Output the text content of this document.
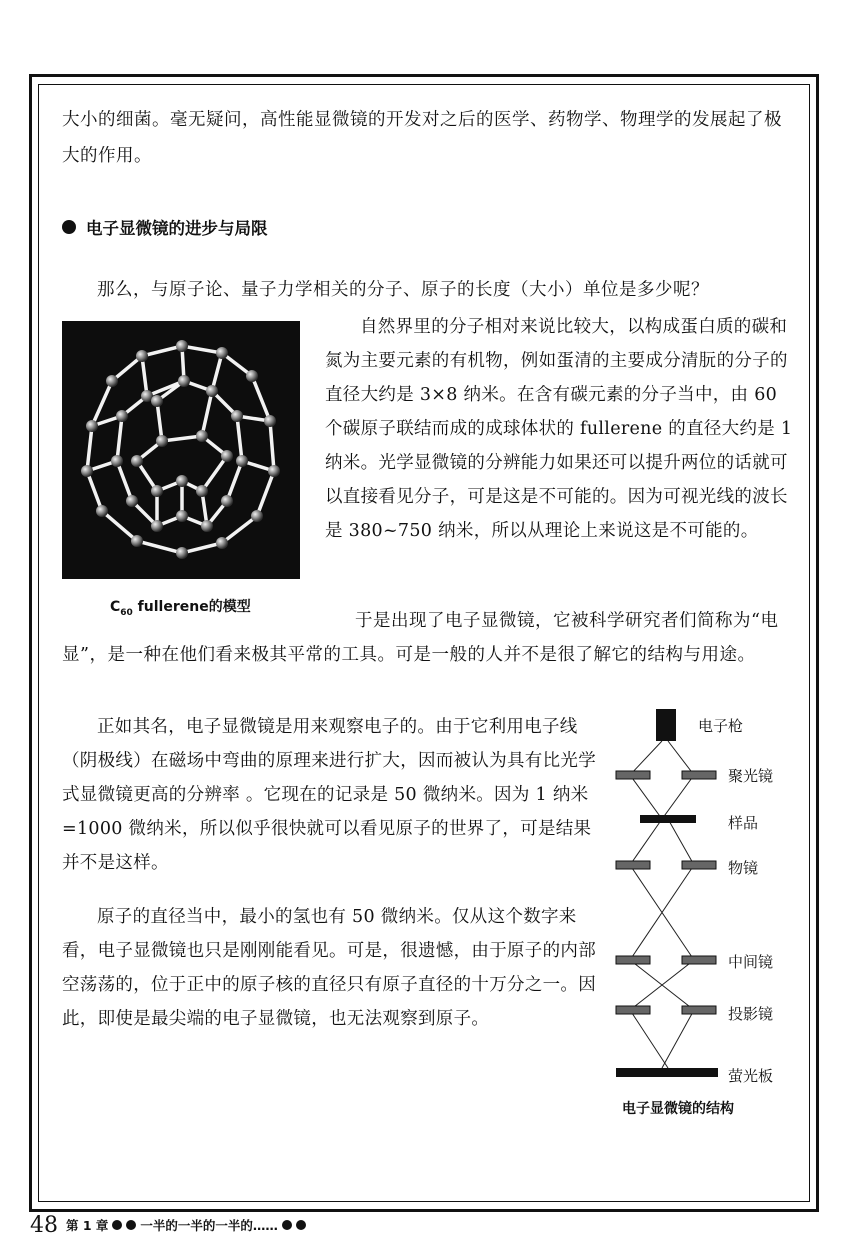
大小的细菌。毫无疑问，高性能显微镜的开发对之后的医学、药物学、物理学的发展起了极大的作用。

电子显微镜的进步与局限

那么，与原子论、量子力学相关的分子、原子的长度（大小）单位是多少呢？

$C_{60}$ fullerene的模型

自然界里的分子相对来说比较大，以构成蛋白质的碳和氮为主要元素的有机物，例如蛋清的主要成分清朊的分子的直径大约是 3×8 纳米。在含有碳元素的分子当中，由 60 个碳原子联结而成的成球体状的 fullerene 的直径大约是 1 纳米。光学显微镜的分辨能力如果还可以提升两位的话就可以直接看见分子，可是这是不可能的。因为可视光线的波长是 380~750 纳米，所以从理论上来说这是不可能的。

于是出现了电子显微镜，它被科学研究者们简称为“电显”，是一种在他们看来极其平常的工具。可是一般的人并不是很了解它的结构与用途。

正如其名，电子显微镜是用来观察电子的。由于它利用电子线（阴极线）在磁场中弯曲的原理来进行扩大，因而被认为具有比光学式显微镜更高的分辨率 。它现在的记录是 50 微纳米。因为 1 纳米 =1000 微纳米，所以似乎很快就可以看见原子的世界了，可是结果并不是这样。

原子的直径当中，最小的氢也有 50 微纳米。仅从这个数字来看，电子显微镜也只是刚刚能看见。可是，很遗憾，由于原子的内部空荡荡的，位于正中的原子核的直径只有原子直径的十万分之一。因此，即使是最尖端的电子显微镜，也无法观察到原子。

电子枪
聚光镜
样品
物镜
中间镜
投影镜
萤光板
电子显微镜的结构
48 第 1 章	一半的一半的一半的……
